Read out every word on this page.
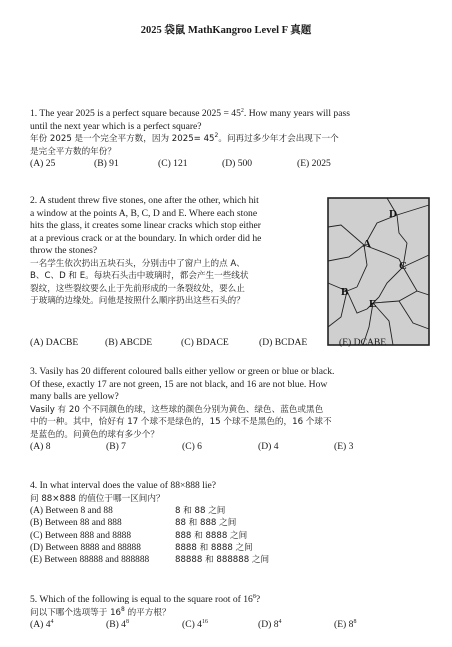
2025 袋鼠 MathKangroo Level F 真题

1. The year 2025 is a perfect square because $2025 = 45^2$. How many years will pass
until the next year which is a perfect square?

年份 2025 是一个完全平方数，因为 $2025= 45^2$。问再过多少年才会出现下一个
是完全平方数的年份？

(A) 25	(B) 91	(C) 121	(D) 500	(E) 2025

2. A student threw five stones, one after the other, which hit
a window at the points A, B, C, D and E. Where each stone
hits the glass, it creates some linear cracks which stop either
at a previous crack or at the boundary. In which order did he
throw the stones?

一名学生依次扔出五块石头，分别击中了窗户上的点 A、
B、C、D 和 E。每块石头击中玻璃时，都会产生一些线状
裂纹，这些裂纹要么止于先前形成的一条裂纹处，要么止
于玻璃的边缘处。问他是按照什么顺序扔出这些石头的？

D
A
C
B
E
(A) DACBE	(B) ABCDE	(C) BDACE	(D) BCDAE	(E) DCABE

3. Vasily has 20 different coloured balls either yellow or green or blue or black.
Of these, exactly 17 are not green, 15 are not black, and 16 are not blue. How
many balls are yellow?

Vasily 有 20 个不同颜色的球，这些球的颜色分别为黄色、绿色、蓝色或黑色
中的一种。其中，恰好有 17 个球不是绿色的，15 个球不是黑色的，16 个球不
是蓝色的。问黄色的球有多少个？

(A) 8	(B) 7	(C) 6	(D) 4	(E) 3

4. In what interval does the value of 88×888 lie?

问 88×888 的值位于哪一区间内？

(A) Between 8 and 88	8 和 88 之间
(B) Between 88 and 888	88 和 888 之间
(C) Between 888 and 8888	888 和 8888 之间
(D) Between 8888 and 88888	8888 和 8888 之间
(E) Between 88888 and 888888	88888 和 888888 之间

5. Which of the following is equal to the square root of $16^8$?

问以下哪个选项等于 $16^8$ 的平方根？

(A) $4^4$	(B) $4^8$	(C) $4^{16}$	(D) $8^4$	(E) $8^8$
